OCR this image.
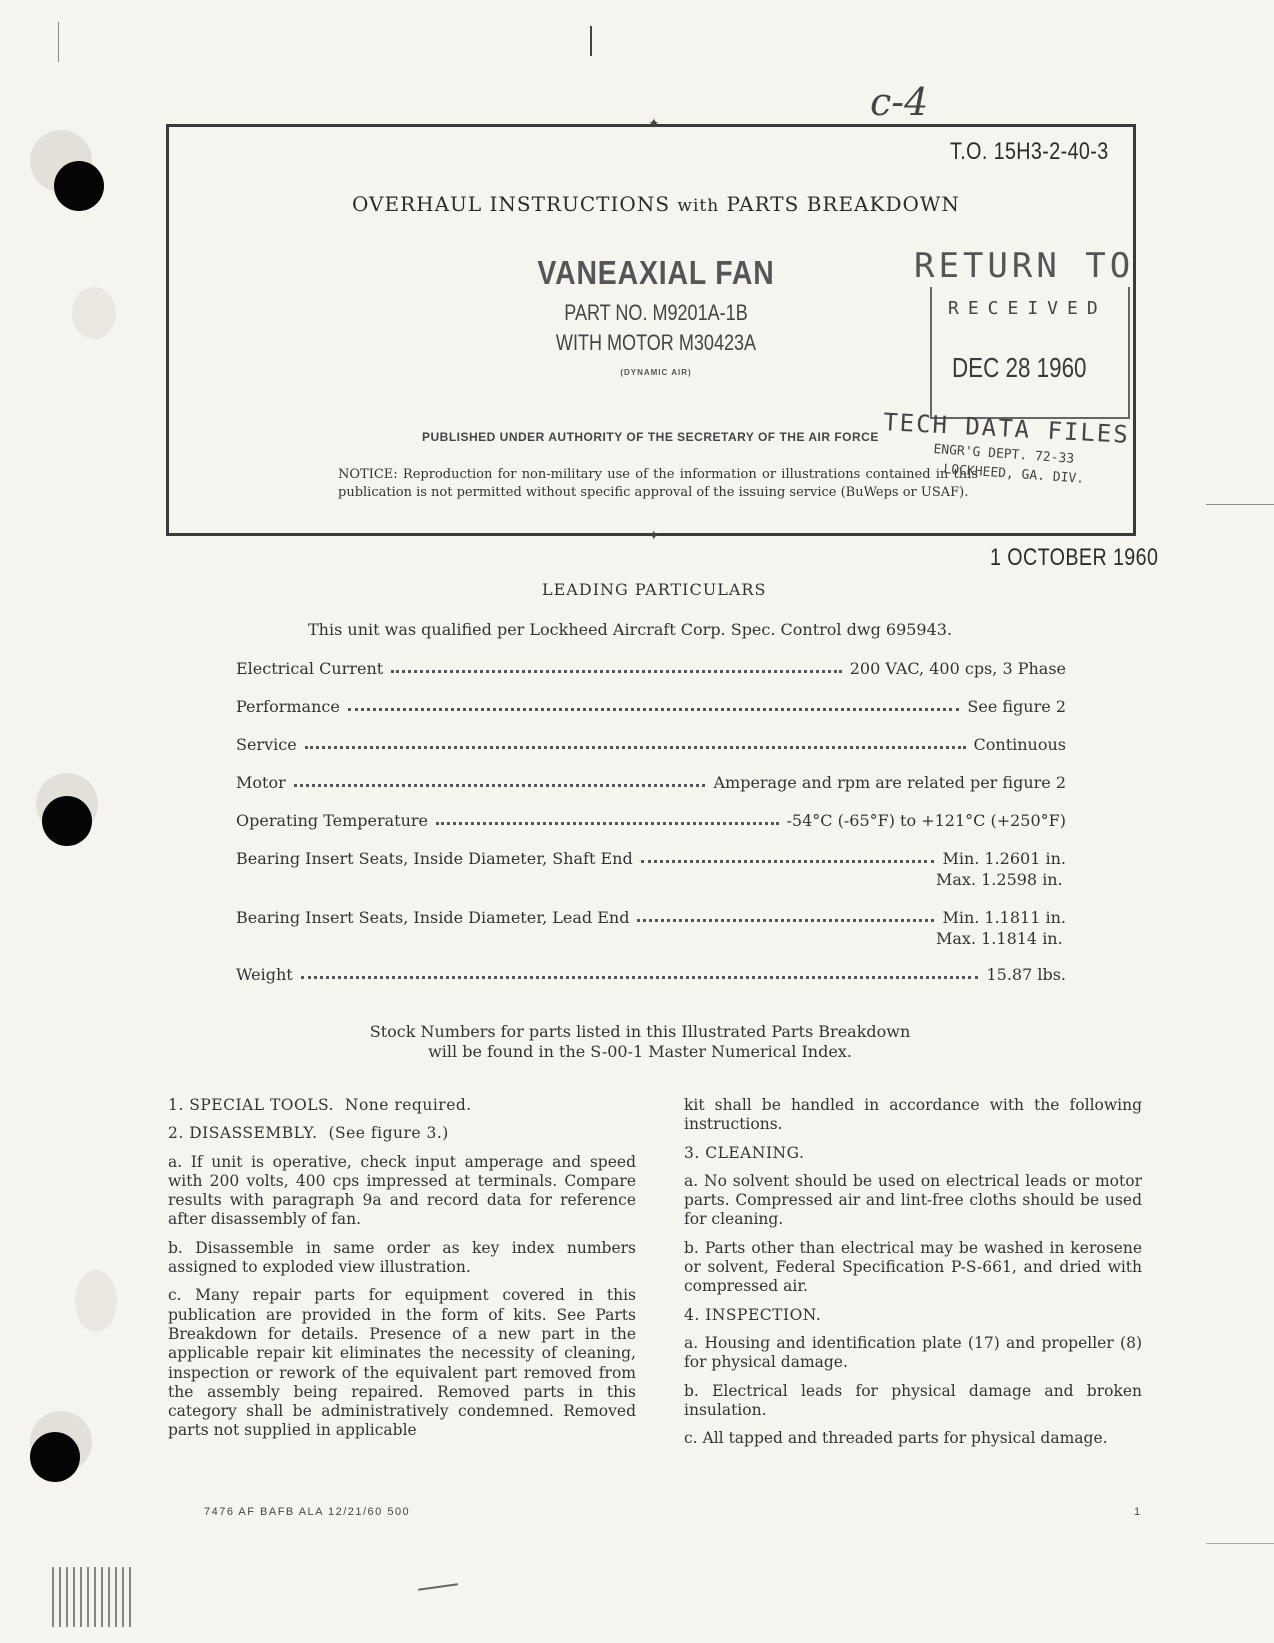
c-4
✦
✦
T.O. 15H3-2-40-3
OVERHAUL INSTRUCTIONS with PARTS BREAKDOWN
VANEAXIAL FAN
PART NO. M9201A-1B
WITH MOTOR M30423A
(DYNAMIC AIR)
PUBLISHED UNDER AUTHORITY OF THE SECRETARY OF THE AIR FORCE
NOTICE: Reproduction for non-military use of the information or illustrations contained in this publication is not permitted without specific approval of the issuing service (BuWeps or USAF).
RETURN TO
RECEIVED
DEC 28 1960
TECH DATA FILES
ENGR'G DEPT. 72-33
LOCKHEED, GA. DIV.
1 OCTOBER 1960
LEADING PARTICULARS
This unit was qualified per Lockheed Aircraft Corp. Spec. Control dwg 695943.
Electrical Current	200 VAC, 400 cps, 3 Phase
Performance	See figure 2
Service	Continuous
Motor	Amperage and rpm are related per figure 2
Operating Temperature	-54°C (-65°F) to +121°C (+250°F)
Bearing Insert Seats, Inside Diameter, Shaft End	Min. 1.2601 in.
Max. 1.2598 in.
Bearing Insert Seats, Inside Diameter, Lead End	Min. 1.1811 in.
Max. 1.1814 in.
Weight	15.87 lbs.
Stock Numbers for parts listed in this Illustrated Parts Breakdown
will be found in the S-00-1 Master Numerical Index.

1. SPECIAL TOOLS. None required.

2. DISASSEMBLY. (See figure 3.)

a. If unit is operative, check input amperage and speed with 200 volts, 400 cps impressed at terminals. Compare results with paragraph 9a and record data for reference after disassembly of fan.

b. Disassemble in same order as key index numbers assigned to exploded view illustration.

c. Many repair parts for equipment covered in this publication are provided in the form of kits. See Parts Breakdown for details. Presence of a new part in the applicable repair kit eliminates the necessity of cleaning, inspection or rework of the equivalent part removed from the assembly being repaired. Removed parts in this category shall be administratively condemned. Removed parts not supplied in applicable

kit shall be handled in accordance with the following instructions.

3. CLEANING.

a. No solvent should be used on electrical leads or motor parts. Compressed air and lint-free cloths should be used for cleaning.

b. Parts other than electrical may be washed in kerosene or solvent, Federal Specification P-S-661, and dried with compressed air.

4. INSPECTION.

a. Housing and identification plate (17) and propeller (8) for physical damage.

b. Electrical leads for physical damage and broken insulation.

c. All tapped and threaded parts for physical damage.

7476 AF BAFB ALA 12/21/60 500	1
